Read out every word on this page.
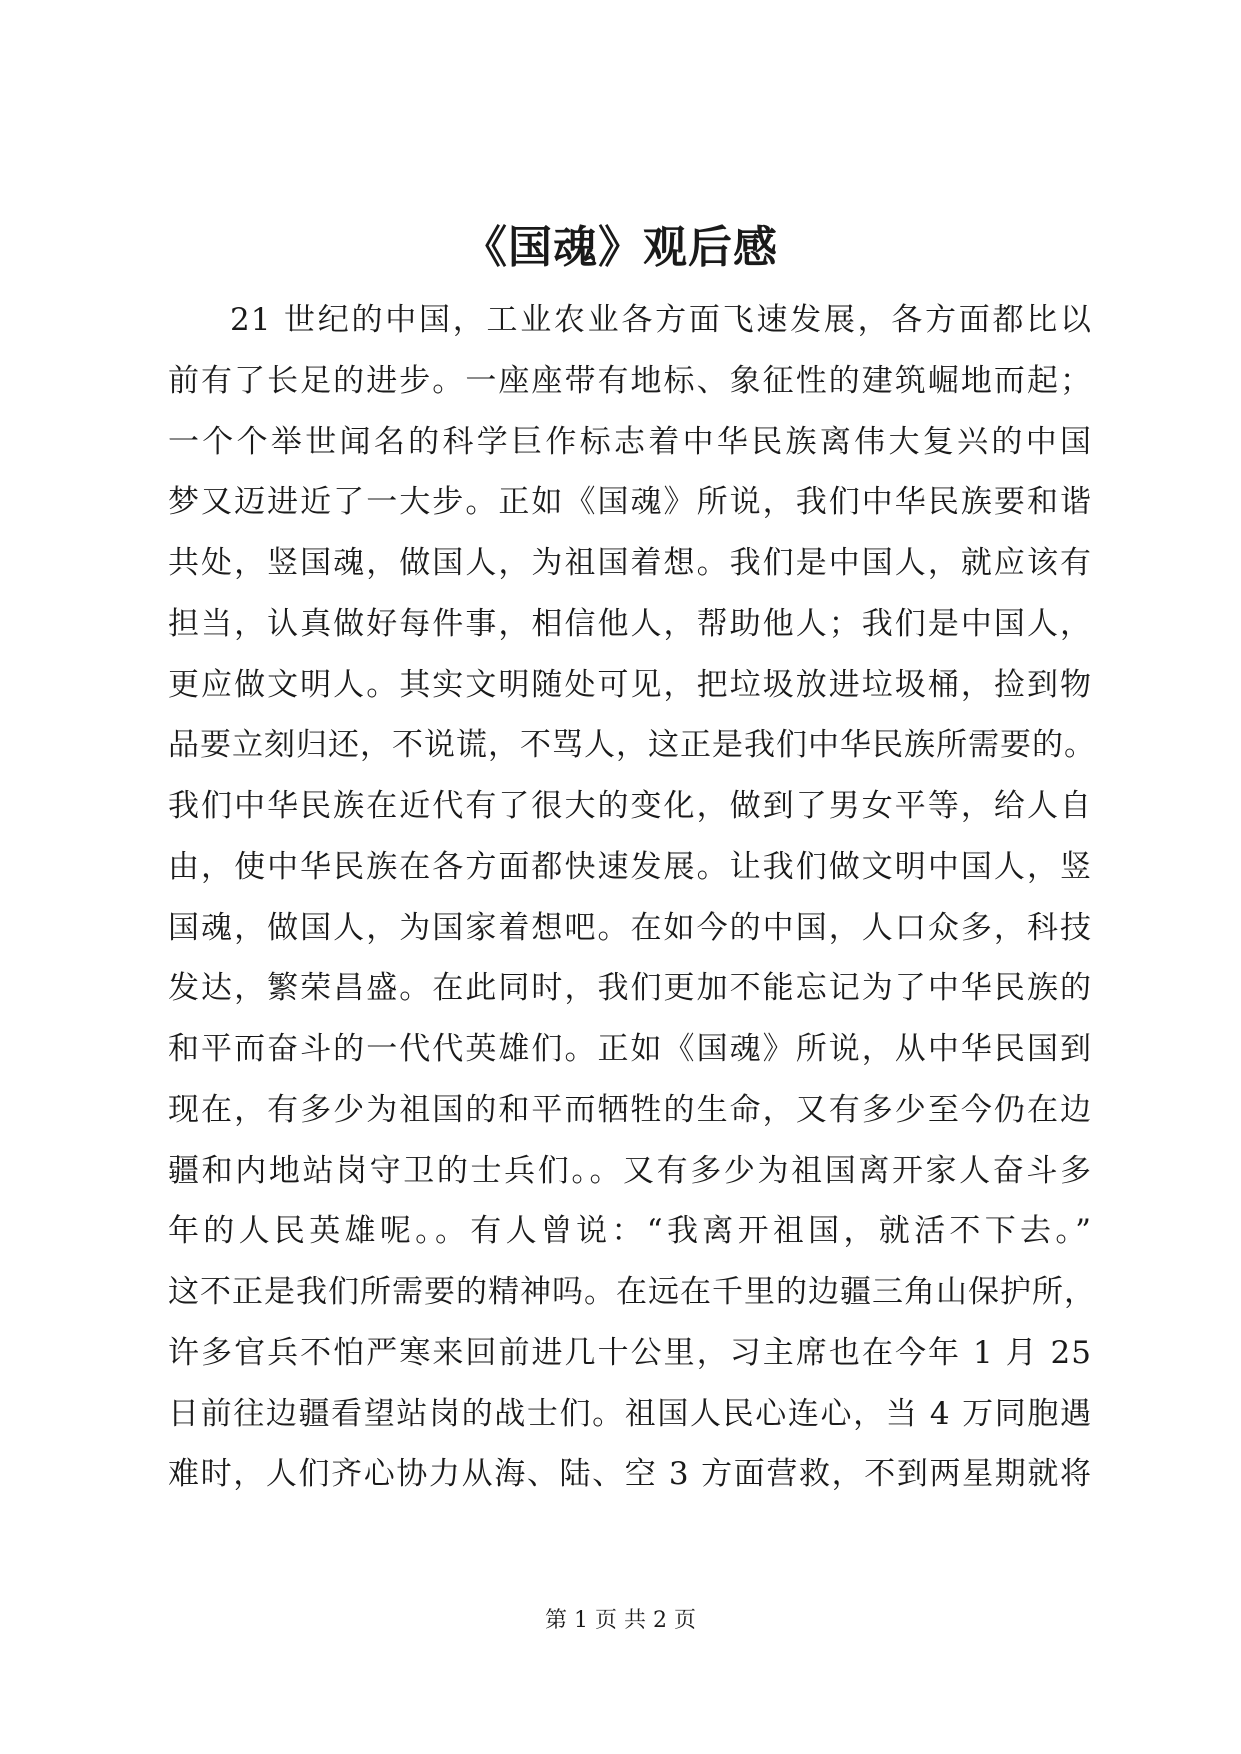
《国魂》观后感
21 世纪的中国，工业农业各方面飞速发展，各方面都比以
前有了长足的进步。一座座带有地标、象征性的建筑崛地而起；
一个个举世闻名的科学巨作标志着中华民族离伟大复兴的中国
梦又迈进近了一大步。正如《国魂》所说，我们中华民族要和谐
共处，竖国魂，做国人，为祖国着想。我们是中国人，就应该有
担当，认真做好每件事，相信他人，帮助他人；我们是中国人，
更应做文明人。其实文明随处可见，把垃圾放进垃圾桶，捡到物
品要立刻归还，不说谎，不骂人，这正是我们中华民族所需要的。
我们中华民族在近代有了很大的变化，做到了男女平等，给人自
由，使中华民族在各方面都快速发展。让我们做文明中国人，竖
国魂，做国人，为国家着想吧。在如今的中国，人口众多，科技
发达，繁荣昌盛。在此同时，我们更加不能忘记为了中华民族的
和平而奋斗的一代代英雄们。正如《国魂》所说，从中华民国到
现在，有多少为祖国的和平而牺牲的生命，又有多少至今仍在边
疆和内地站岗守卫的士兵们。。又有多少为祖国离开家人奋斗多
年的人民英雄呢。。有人曾说：“我离开祖国，就活不下去。”
这不正是我们所需要的精神吗。在远在千里的边疆三角山保护所，
许多官兵不怕严寒来回前进几十公里，习主席也在今年 1 月 25
日前往边疆看望站岗的战士们。祖国人民心连心，当 4 万同胞遇
难时，人们齐心协力从海、陆、空 3 方面营救，不到两星期就将
第 1 页 共 2 页
